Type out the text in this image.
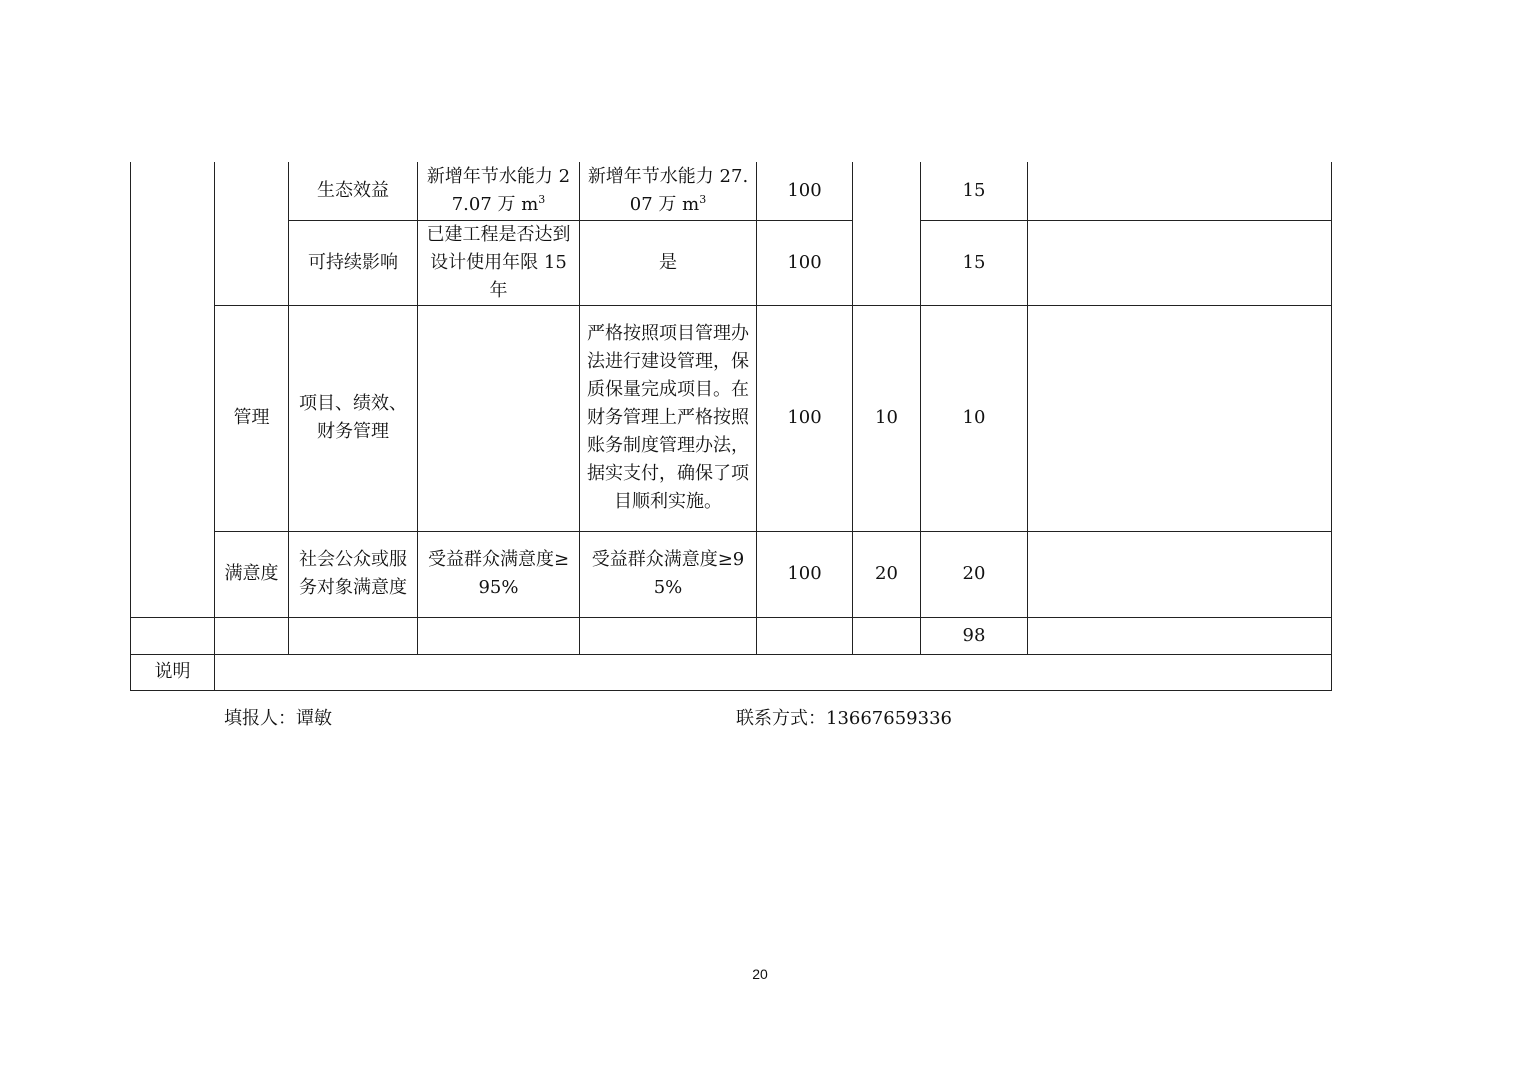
		生态效益	新增年节水能力 27.07 万 $m^3$	新增年节水能力 27.07 万 $m^3$	100		15	
		可持续影响	已建工程是否达到设计使用年限 15 年	是	100		15	
	管理	项目、绩效、财务管理		严格按照项目管理办法进行建设管理，保质保量完成项目。在财务管理上严格按照账务制度管理办法，据实支付，确保了项目顺利实施。	100	10	10	
	满意度	社会公众或服务对象满意度	受益群众满意度≥95%	受益群众满意度≥95%	100	20	20	
							98	
说明								
填报人：谭敏	联系方式：13667659336
20
